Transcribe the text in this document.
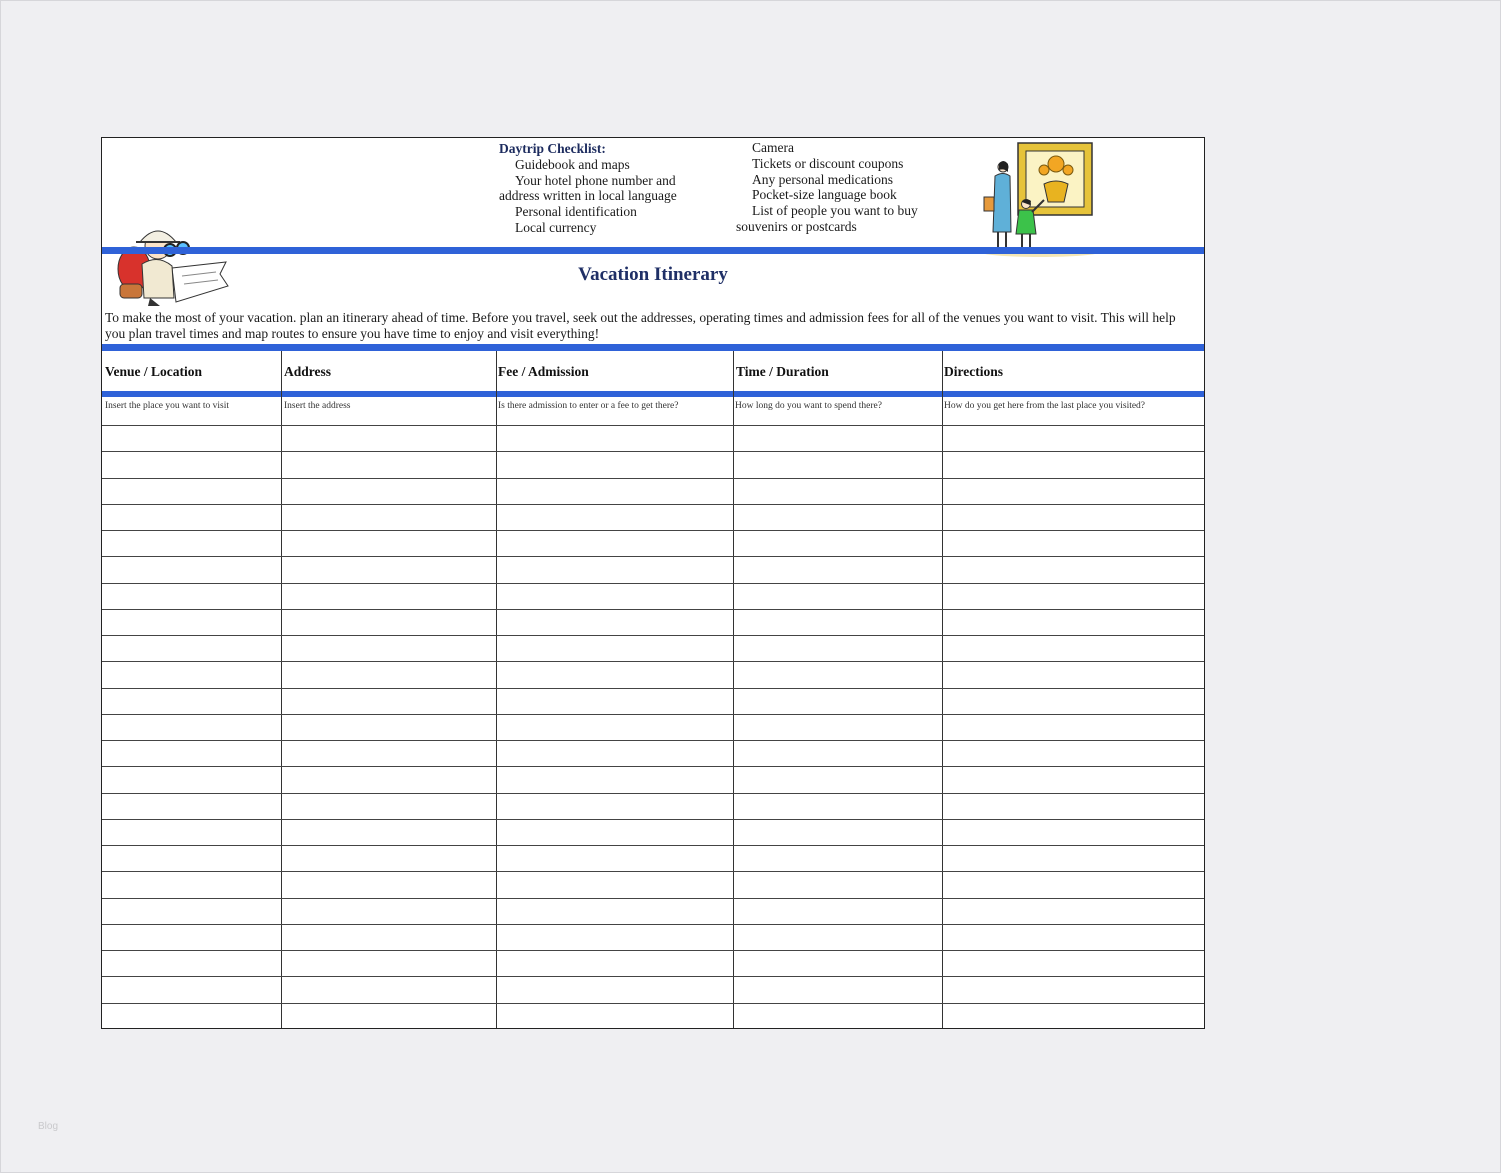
Daytrip Checklist:
Guidebook and maps
Your hotel phone number and
address written in local language
Personal identification
Local currency
Camera
Tickets or discount coupons
Any personal medications
Pocket-size language book
List of people you want to buy
souvenirs or postcards
Vacation Itinerary
To make the most of your vacation. plan an itinerary ahead of time. Before you travel, seek out the addresses, operating times and admission fees for all of the venues you want to visit. This will help you plan travel times and map routes to ensure you have time to enjoy and visit everything!
Venue / Location	Address	Fee / Admission	Time / Duration	Directions
Insert the place you want to visit	Insert the address	Is there admission to enter or a fee to get there?	How long do you want to spend there?	How do you get here from the last place you visited?
Blog
